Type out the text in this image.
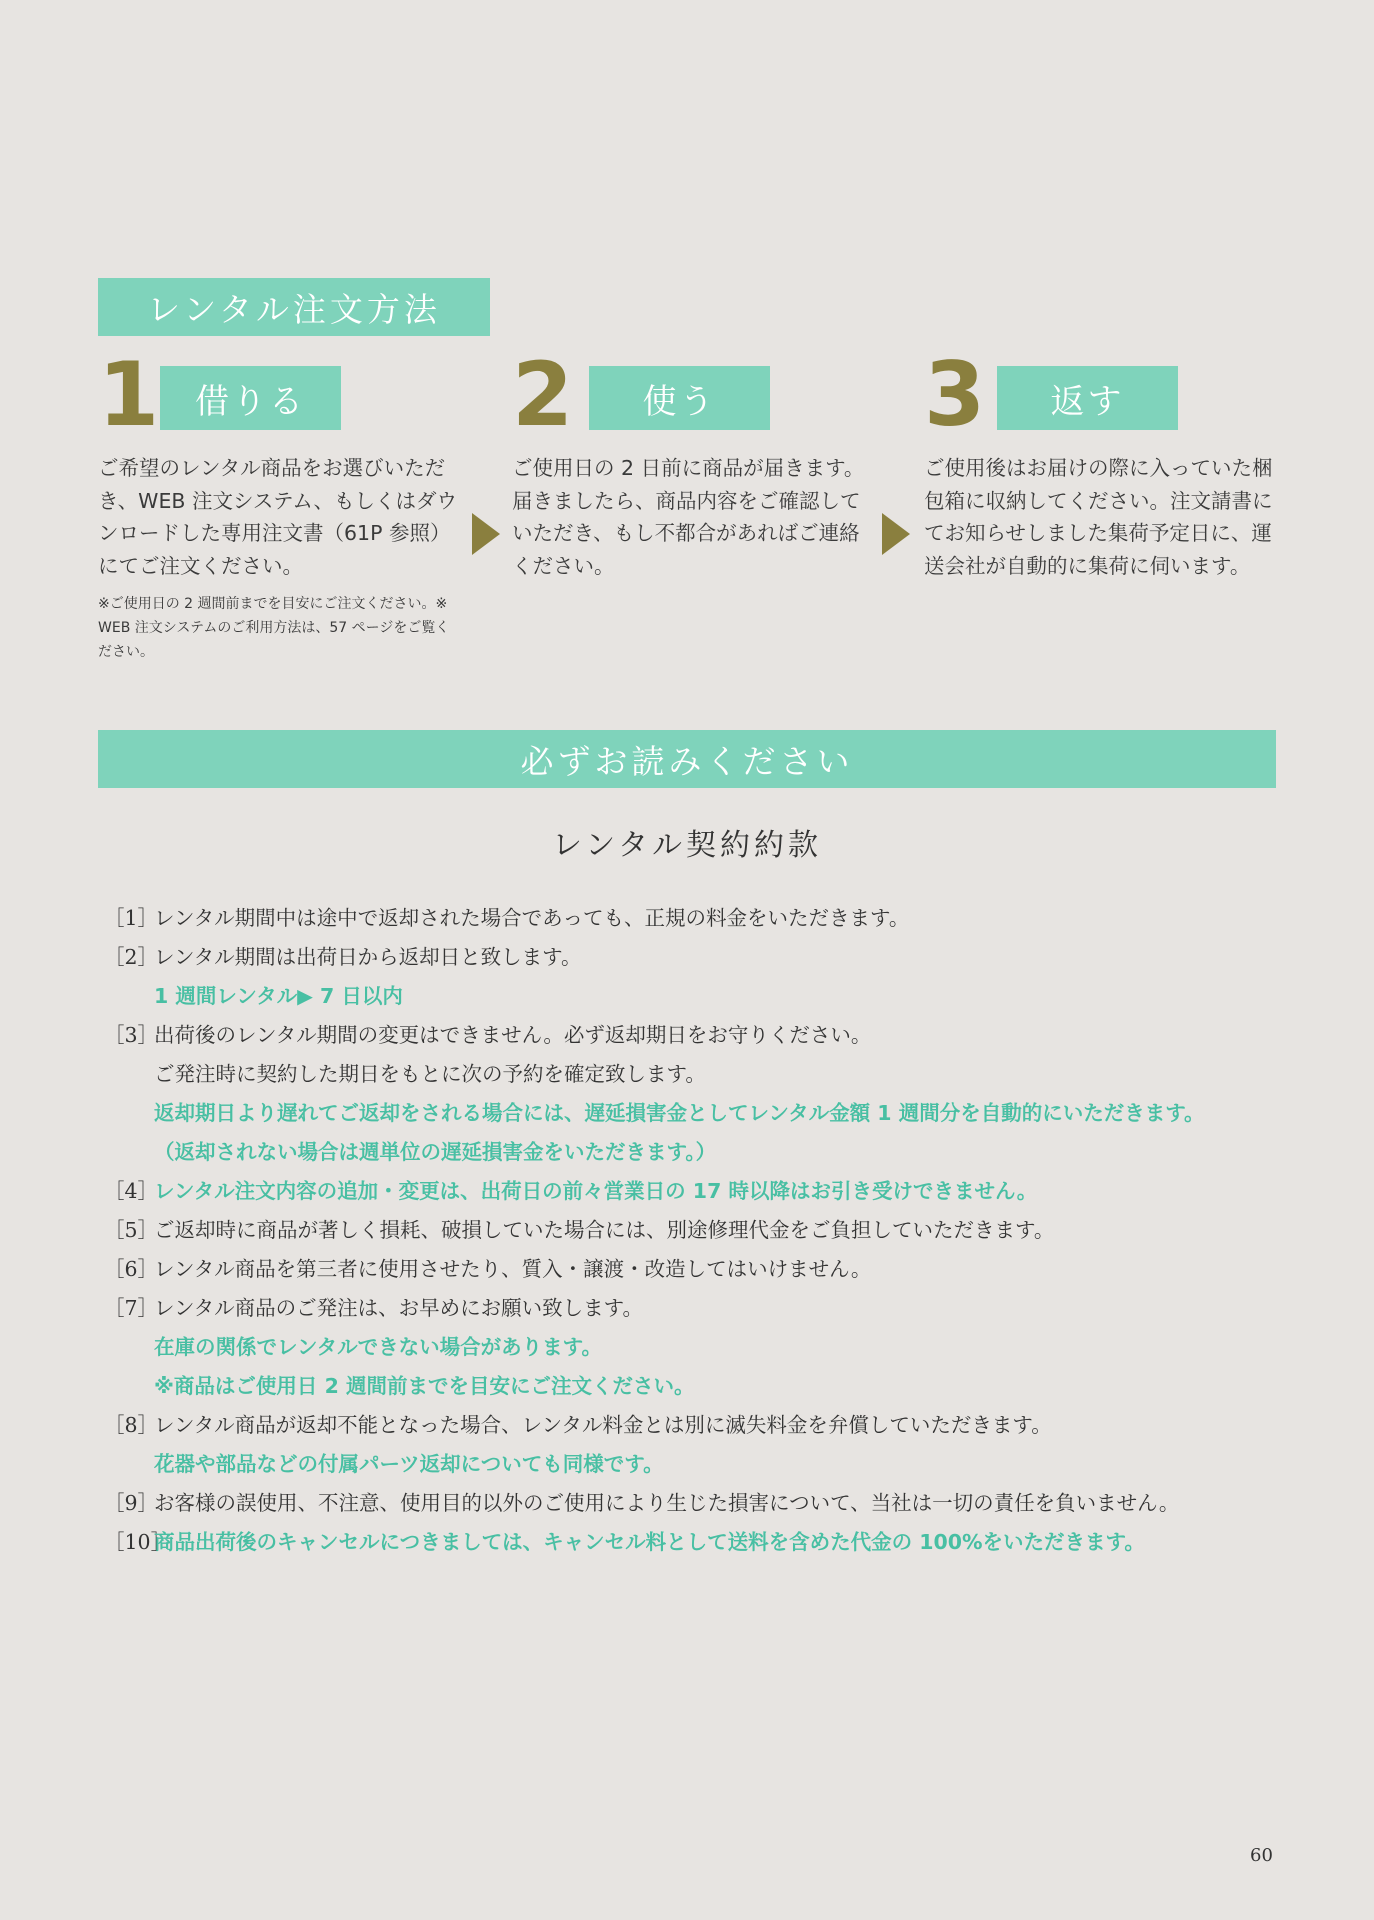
レンタル注文方法
1	借りる
ご希望のレンタル商品をお選びいただき、WEB 注文システム、もしくはダウンロードした専用注文書（61P 参照）にてご注文ください。
※ご使用日の 2 週間前までを目安にご注文ください。※ WEB 注文システムのご利用方法は、57 ページをご覧ください。
2	使う
ご使用日の 2 日前に商品が届きます。届きましたら、商品内容をご確認していただき、もし不都合があればご連絡ください。
3	返す
ご使用後はお届けの際に入っていた梱包箱に収納してください。注文請書にてお知らせしました集荷予定日に、運送会社が自動的に集荷に伺います。
必ずお読みください
レンタル契約約款
［1］
レンタル期間中は途中で返却された場合であっても、正規の料金をいただきます。
［2］
レンタル期間は出荷日から返却日と致します。
1 週間レンタル▶ 7 日以内
［3］
出荷後のレンタル期間の変更はできません。必ず返却期日をお守りください。
ご発注時に契約した期日をもとに次の予約を確定致します。
返却期日より遅れてご返却をされる場合には、遅延損害金としてレンタル金額 1 週間分を自動的にいただきます。
（返却されない場合は週単位の遅延損害金をいただきます。）
［4］
レンタル注文内容の追加・変更は、出荷日の前々営業日の 17 時以降はお引き受けできません。
［5］
ご返却時に商品が著しく損耗、破損していた場合には、別途修理代金をご負担していただきます。
［6］
レンタル商品を第三者に使用させたり、質入・譲渡・改造してはいけません。
［7］
レンタル商品のご発注は、お早めにお願い致します。
在庫の関係でレンタルできない場合があります。
※商品はご使用日 2 週間前までを目安にご注文ください。
［8］
レンタル商品が返却不能となった場合、レンタル料金とは別に滅失料金を弁償していただきます。
花器や部品などの付属パーツ返却についても同様です。
［9］
お客様の誤使用、不注意、使用目的以外のご使用により生じた損害について、当社は一切の責任を負いません。
［10］
商品出荷後のキャンセルにつきましては、キャンセル料として送料を含めた代金の 100%をいただきます。
60
